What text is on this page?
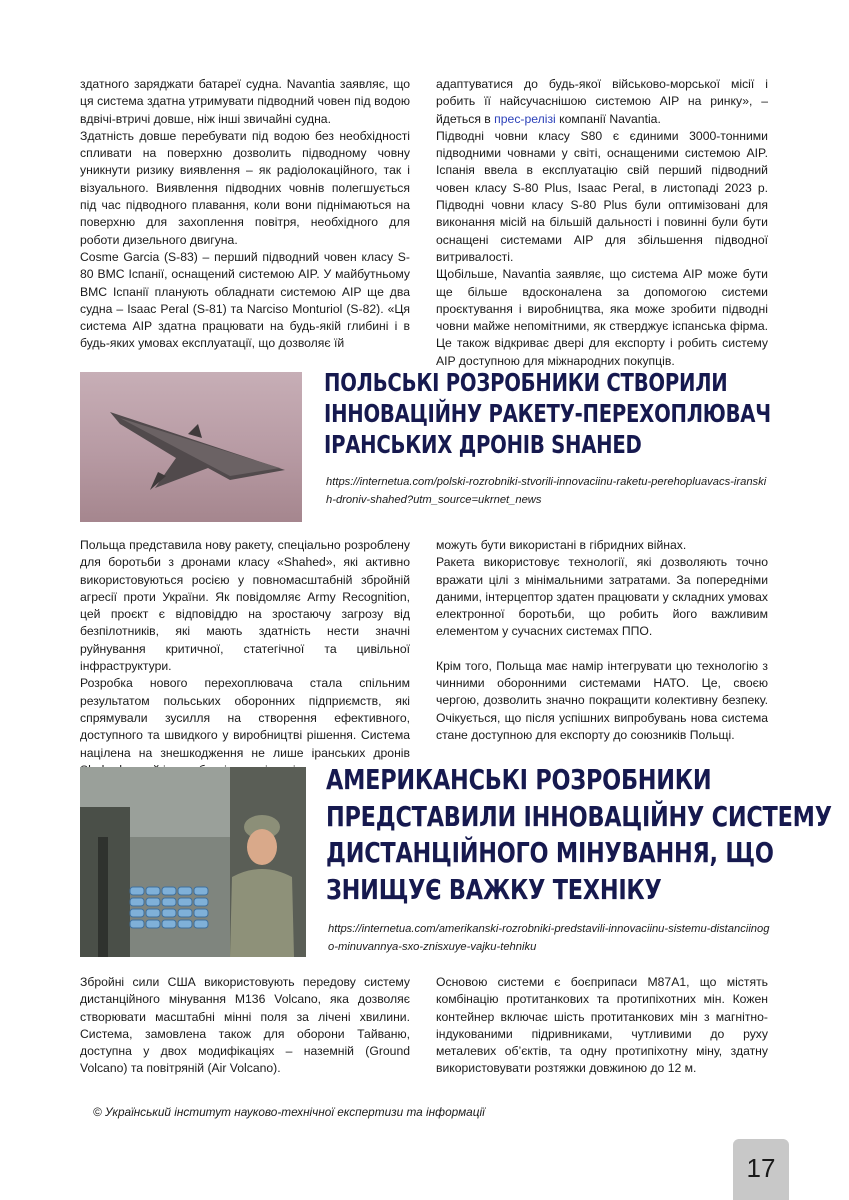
здатного заряджати батареї судна. Navantia заявляє, що ця система здатна утримувати підводний човен під водою вдвічі-втричі довше, ніж інші звичайні судна.

Здатність довше перебувати під водою без необхідності спливати на поверхню дозволить підводному човну уникнути ризику виявлення – як радіолокаційного, так і візуального. Виявлення підводних човнів полегшується під час підводного плавання, коли вони піднімаються на поверхню для захоплення повітря, необхідного для роботи дизельного двигуна.

Cosme Garcia (S-83) – перший підводний човен класу S-80 ВМС Іспанії, оснащений системою AIP. У майбутньому ВМС Іспанії планують обладнати системою AIP ще два судна – Isaac Peral (S-81) та Narciso Monturiol (S-82). «Ця система AIP здатна працювати на будь-якій глибині і в будь-яких умовах експлуатації, що дозволяє їй

адаптуватися до будь-якої військово-морської місії і робить її найсучаснішою системою AIP на ринку», – йдеться в прес-релізі компанії Navantia.

Підводні човни класу S80 є єдиними 3000-тонними підводними човнами у світі, оснащеними системою AIP. Іспанія ввела в експлуатацію свій перший підводний човен класу S-80 Plus, Isaac Peral, в листопаді 2023 р. Підводні човни класу S-80 Plus були оптимізовані для виконання місій на більшій дальності і повинні були бути оснащені системами AIP для збільшення підводної витривалості.

Щобільше, Navantia заявляє, що система AIP може бути ще більше вдосконалена за допомогою системи проєктування і виробництва, яка може зробити підводні човни майже непомітними, як стверджує іспанська фірма. Це також відкриває двері для експорту і робить систему AIP доступною для міжнародних покупців.

ПОЛЬСЬКІ РОЗРОБНИКИ СТВОРИЛИ
ІННОВАЦІЙНУ РАКЕТУ-ПЕРЕХОПЛЮВАЧ
ІРАНСЬКИХ ДРОНІВ SHAHED
https://internetua.com/polski-rozrobniki-stvorili-innovaciinu-raketu-perehopluavacs-iranskih-droniv-shahed?utm_source=ukrnet_news

Польща представила нову ракету, спеціально розроблену для боротьби з дронами класу «Shahed», які активно використовуються росією у повномасштабній збройній агресії проти України. Як повідомляє Army Recognition, цей проєкт є відповіддю на зростаючу загрозу від безпілотників, які мають здатність нести значні руйнування критичної, статегічної та цивільної інфраструктури.

Розробка нового перехоплювача стала спільним результатом польських оборонних підприємств, які спрямували зусилля на створення ефективного, доступного та швидкого у виробництві рішення. Система націлена на знешкодження не лише іранських дронів

можуть бути використані в гібридних війнах.

Ракета використовує технології, які дозволяють точно вражати цілі з мінімальними затратами. За попередніми даними, інтерцептор здатен працювати у складних умовах електронної боротьби, що робить його важливим елементом у сучасних системах ППО.

Крім того, Польща має намір інтегрувати цю технологію з чинними оборонними системами НАТО. Це, своєю чергою, дозволить значно покращити колективну безпеку. Очікується, що після успішних випробувань нова система стане доступною для експорту до союзників Польщі.

АМЕРИКАНСЬКІ РОЗРОБНИКИ
ПРЕДСТАВИЛИ ІННОВАЦІЙНУ СИСТЕМУ
ДИСТАНЦІЙНОГО МІНУВАННЯ, ЩО
ЗНИЩУЄ ВАЖКУ ТЕХНІКУ
https://internetua.com/amerikanski-rozrobniki-predstavili-innovaciinu-sistemu-distanciinogo-minuvannya-sxo-znisxuye-vajku-tehniku

Збройні сили США використовують передову систему дистанційного мінування M136 Volcano, яка дозволяє створювати масштабні мінні поля за лічені хвилини. Система, замовлена також для оборони Тайваню, доступна у двох модифікаціях – наземній (Ground Volcano) та повітряній (Air Volcano).

Основою системи є боєприпаси M87A1, що містять комбінацію протитанкових та протипіхотних мін. Кожен контейнер включає шість протитанкових мін з магнітно-індукованими підривниками, чутливими до руху металевих об’єктів, та одну протипіхотну міну, здатну використовувати розтяжки довжиною до 12 м.

© Український інститут науково-технічної експертизи та інформації
17
